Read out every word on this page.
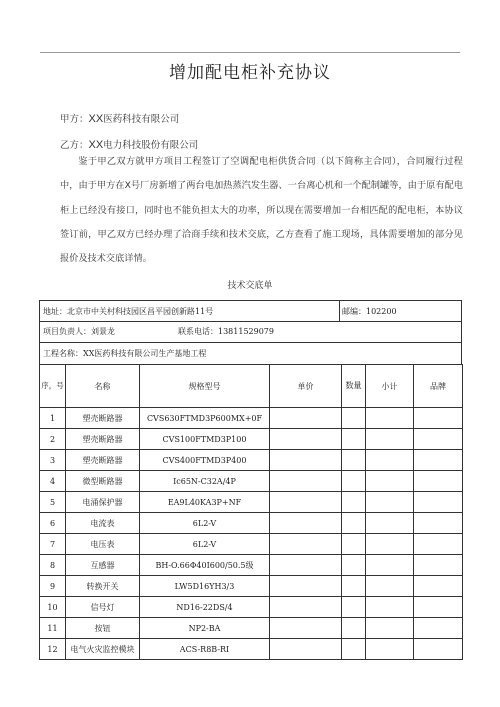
增加配电柜补充协议
甲方：XX医药科技有限公司
乙方：XX电力科技股份有限公司
鉴于甲乙双方就甲方项目工程签订了空调配电柜供货合同（以下简称主合同），合同履行过程中，由于甲方在X号厂房新增了两台电加热蒸汽发生器、一台离心机和一个配制罐等，由于原有配电柜上已经没有接口，同时也不能负担太大的功率，所以现在需要增加一台相匹配的配电柜，本协议签订前，甲乙双方已经办理了洽商手续和技术交底，乙方查看了施工现场，具体需要增加的部分见报价及技术交底详情。
技术交底单
地址：北京市中关村科技园区昌平园创新路11号	邮编：102200
项目负责人：刘景龙	联系电话：13811529079
工程名称：XX医药科技有限公司生产基地工程
序，号	名称	规格型号	单价	数量	小计	品牌
1	塑壳断路器	CVS630FTMD3P600MX+0F				
2	塑壳断路器	CVS100FTMD3P100				
3	塑壳断路器	CVS400FTMD3P400				
4	微型断路器	Ic65N-C32A/4P				
5	电涌保护器	EA9L40KA3P+NF				
6	电流表	6L2-V				
7	电压表	6L2-V				
8	互感器	BH-O.66Φ40I600/50.5级				
9	转换开关	LW5D16YH3/3				
10	信号灯	ND16-22DS/4				
11	按钮	NP2-BA				
12	电气火灾监控模块	ACS-R8B-RI				
